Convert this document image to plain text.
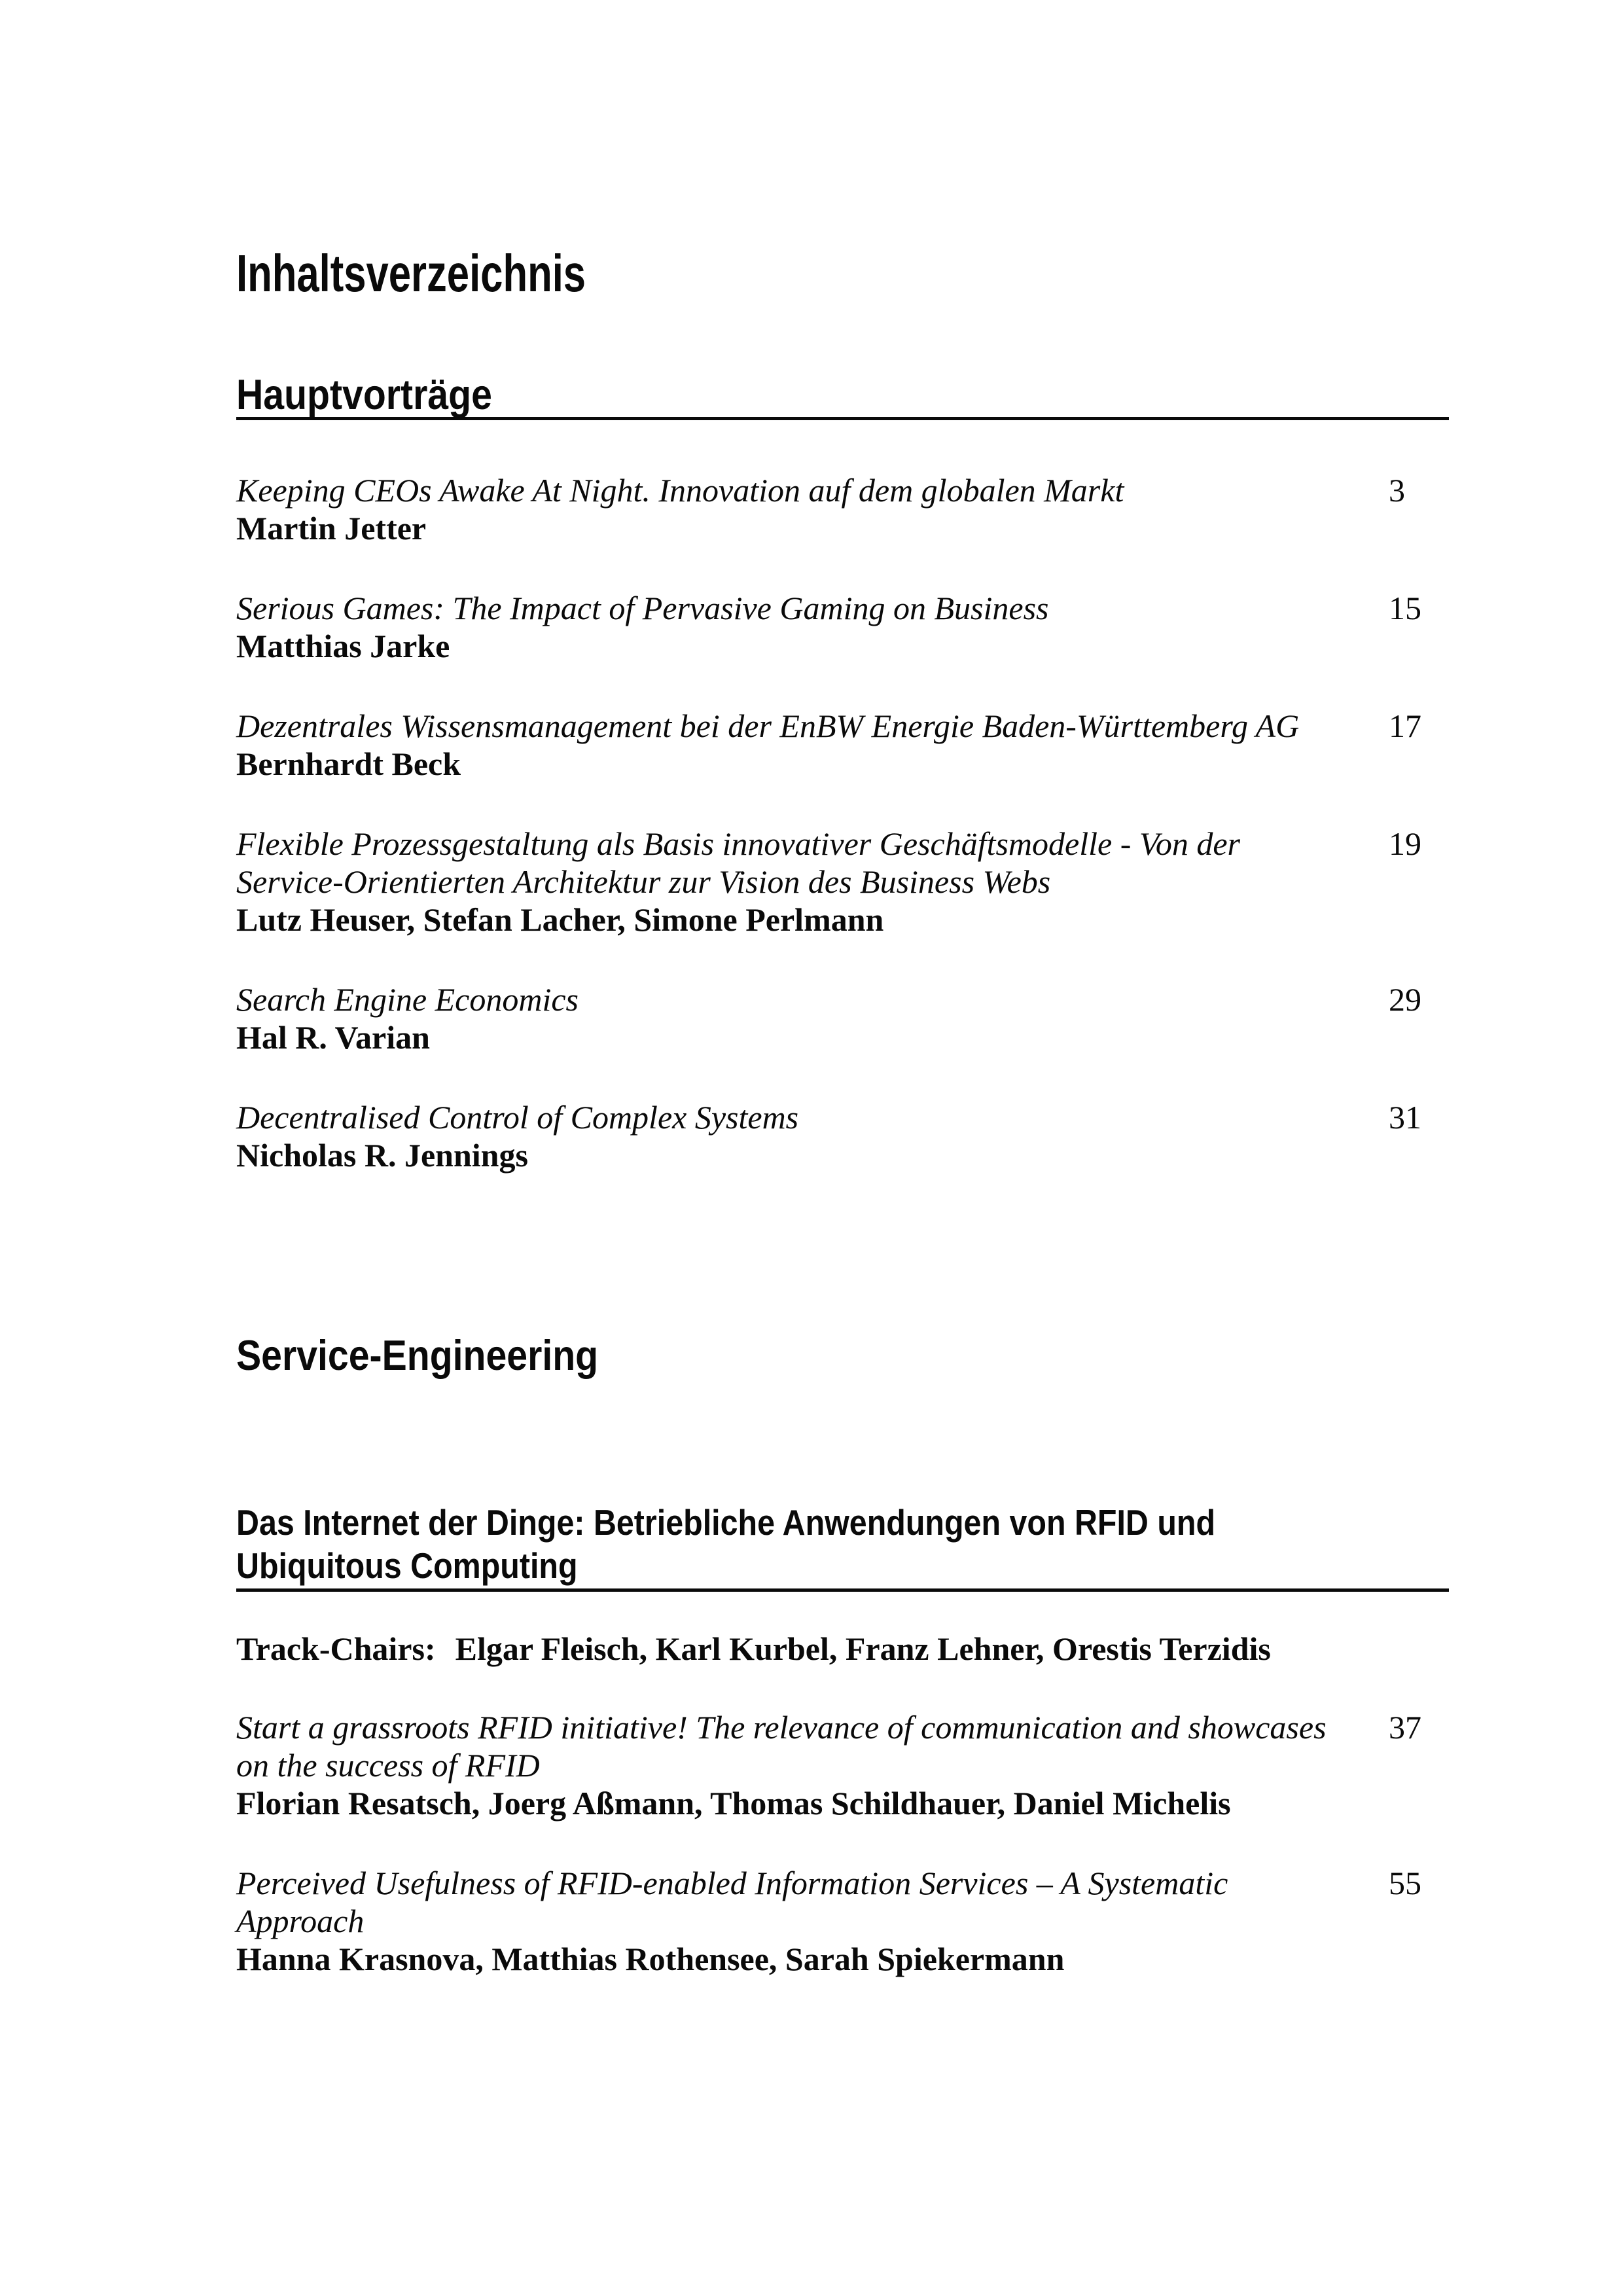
Inhaltsverzeichnis
Hauptvorträge
Keeping CEOs Awake At Night. Innovation auf dem globalen Markt
Martin Jetter
3
Serious Games: The Impact of Pervasive Gaming on Business
Matthias Jarke
15
Dezentrales Wissensmanagement bei der EnBW Energie Baden-Württemberg AG
Bernhardt Beck
17
Flexible Prozessgestaltung als Basis innovativer Geschäftsmodelle - Von der
Service-Orientierten Architektur zur Vision des Business Webs
Lutz Heuser, Stefan Lacher, Simone Perlmann
19
Search Engine Economics
Hal R. Varian
29
Decentralised Control of Complex Systems
Nicholas R. Jennings
31
Service-Engineering
Das Internet der Dinge: Betriebliche Anwendungen von RFID und
Ubiquitous Computing
Track-Chairs: Elgar Fleisch, Karl Kurbel, Franz Lehner, Orestis Terzidis
Start a grassroots RFID initiative! The relevance of communication and showcases
on the success of RFID
Florian Resatsch, Joerg Aßmann, Thomas Schildhauer, Daniel Michelis
37
Perceived Usefulness of RFID-enabled Information Services – A Systematic
Approach
Hanna Krasnova, Matthias Rothensee, Sarah Spiekermann
55
